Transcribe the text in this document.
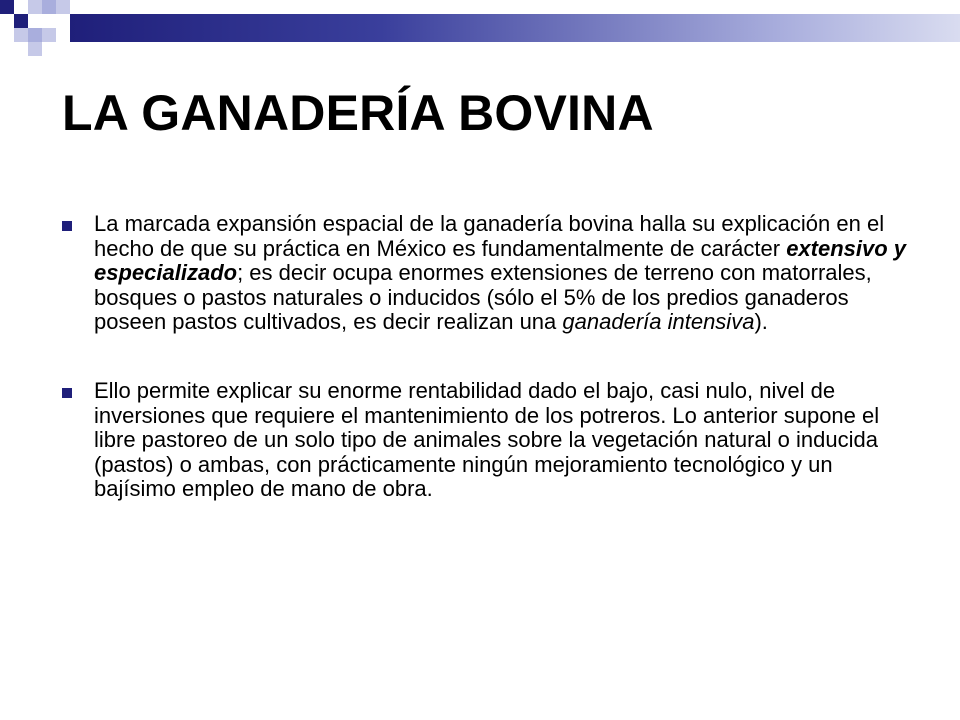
LA GANADERÍA BOVINA
La marcada expansión espacial de la ganadería bovina halla su explicación en el hecho de que su práctica en México es fundamentalmente de carácter extensivo y especializado; es decir ocupa enormes extensiones de terreno con matorrales, bosques o pastos naturales o inducidos (sólo el 5% de los predios ganaderos poseen pastos cultivados, es decir realizan una ganadería intensiva).
Ello permite explicar su enorme rentabilidad dado el bajo, casi nulo, nivel de inversiones que requiere el mantenimiento de los potreros. Lo anterior supone el libre pastoreo de un solo tipo de animales sobre la vegetación natural o inducida (pastos) o ambas, con prácticamente ningún mejoramiento tecnológico y un bajísimo empleo de mano de obra.
